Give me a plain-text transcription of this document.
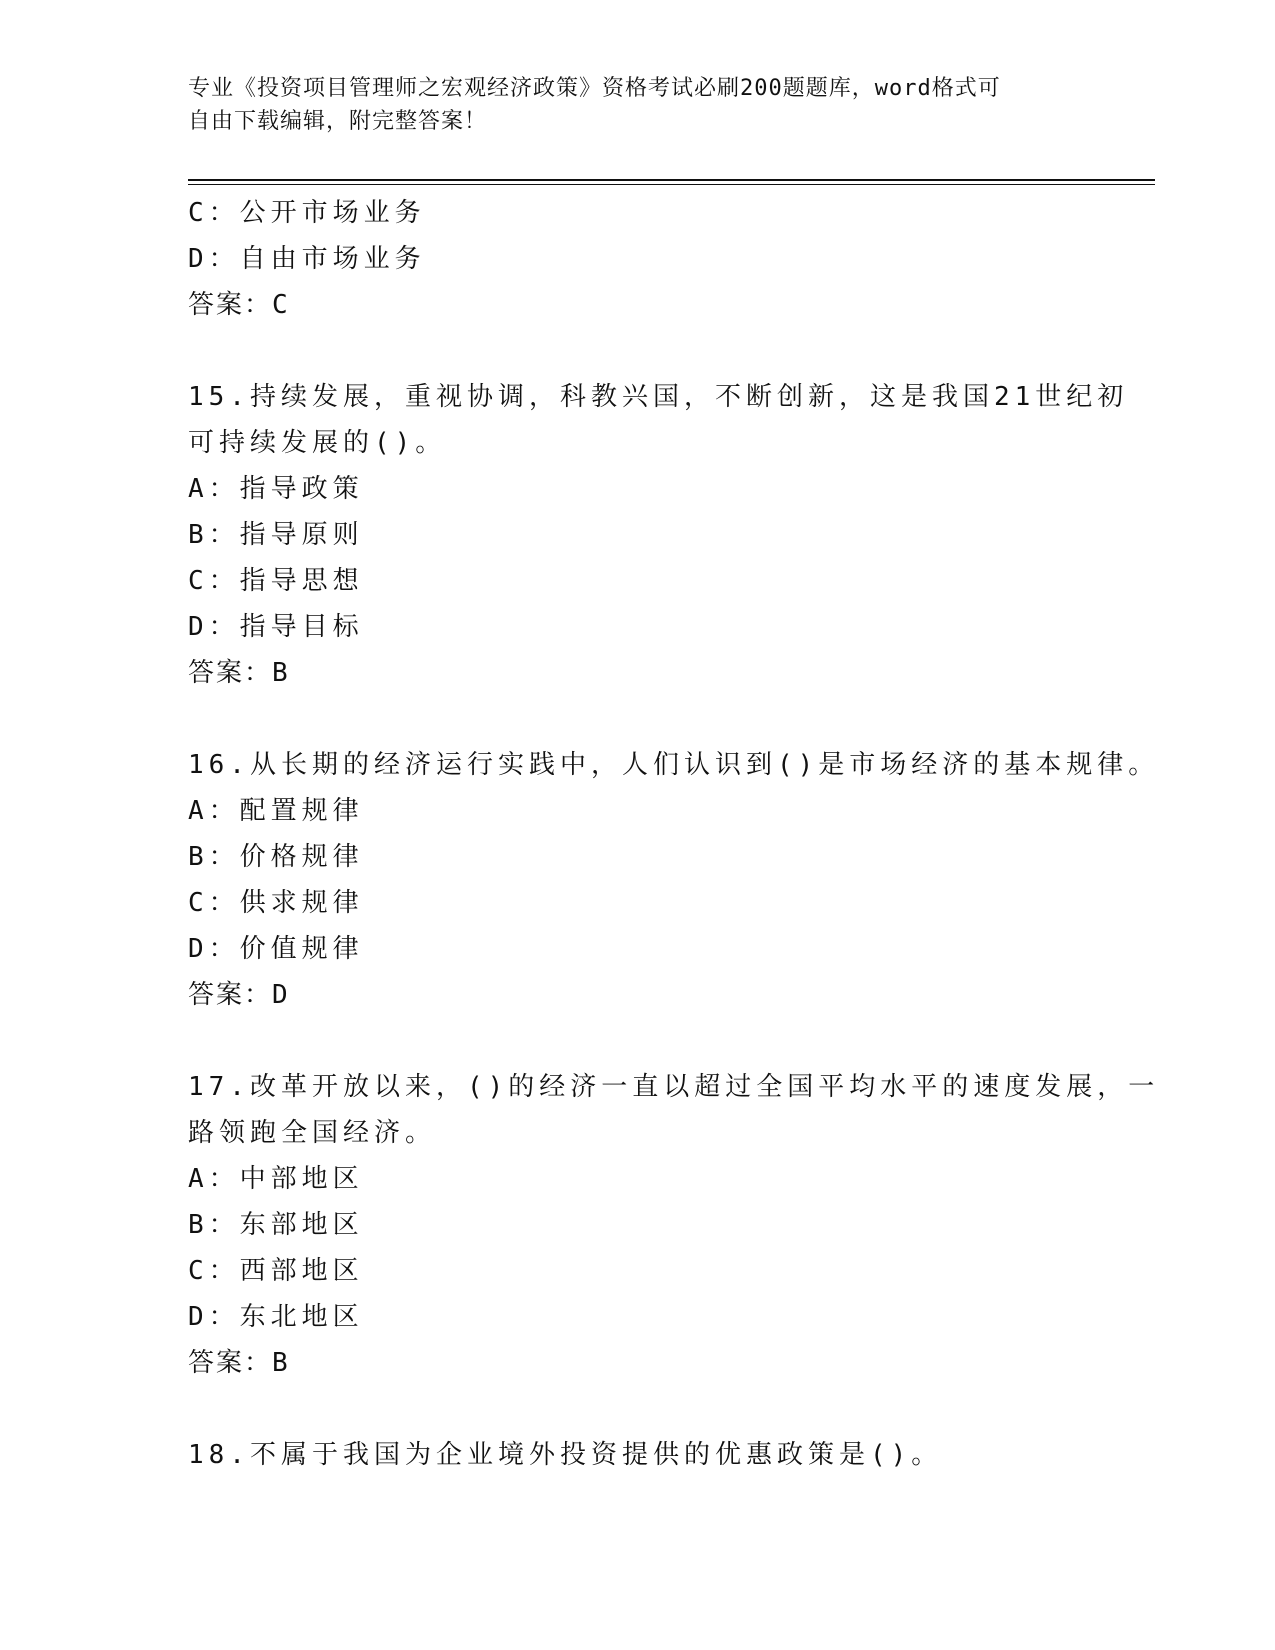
专业《投资项目管理师之宏观经济政策》资格考试必刷200题题库，word格式可
自由下载编辑，附完整答案！
C：公开市场业务
D：自由市场业务
答案：C
15.持续发展，重视协调，科教兴国，不断创新，这是我国21世纪初
可持续发展的()。
A：指导政策
B：指导原则
C：指导思想
D：指导目标
答案：B
16.从长期的经济运行实践中，人们认识到()是市场经济的基本规律。
A：配置规律
B：价格规律
C：供求规律
D：价值规律
答案：D
17.改革开放以来，()的经济一直以超过全国平均水平的速度发展，一
路领跑全国经济。
A：中部地区
B：东部地区
C：西部地区
D：东北地区
答案：B
18.不属于我国为企业境外投资提供的优惠政策是()。
